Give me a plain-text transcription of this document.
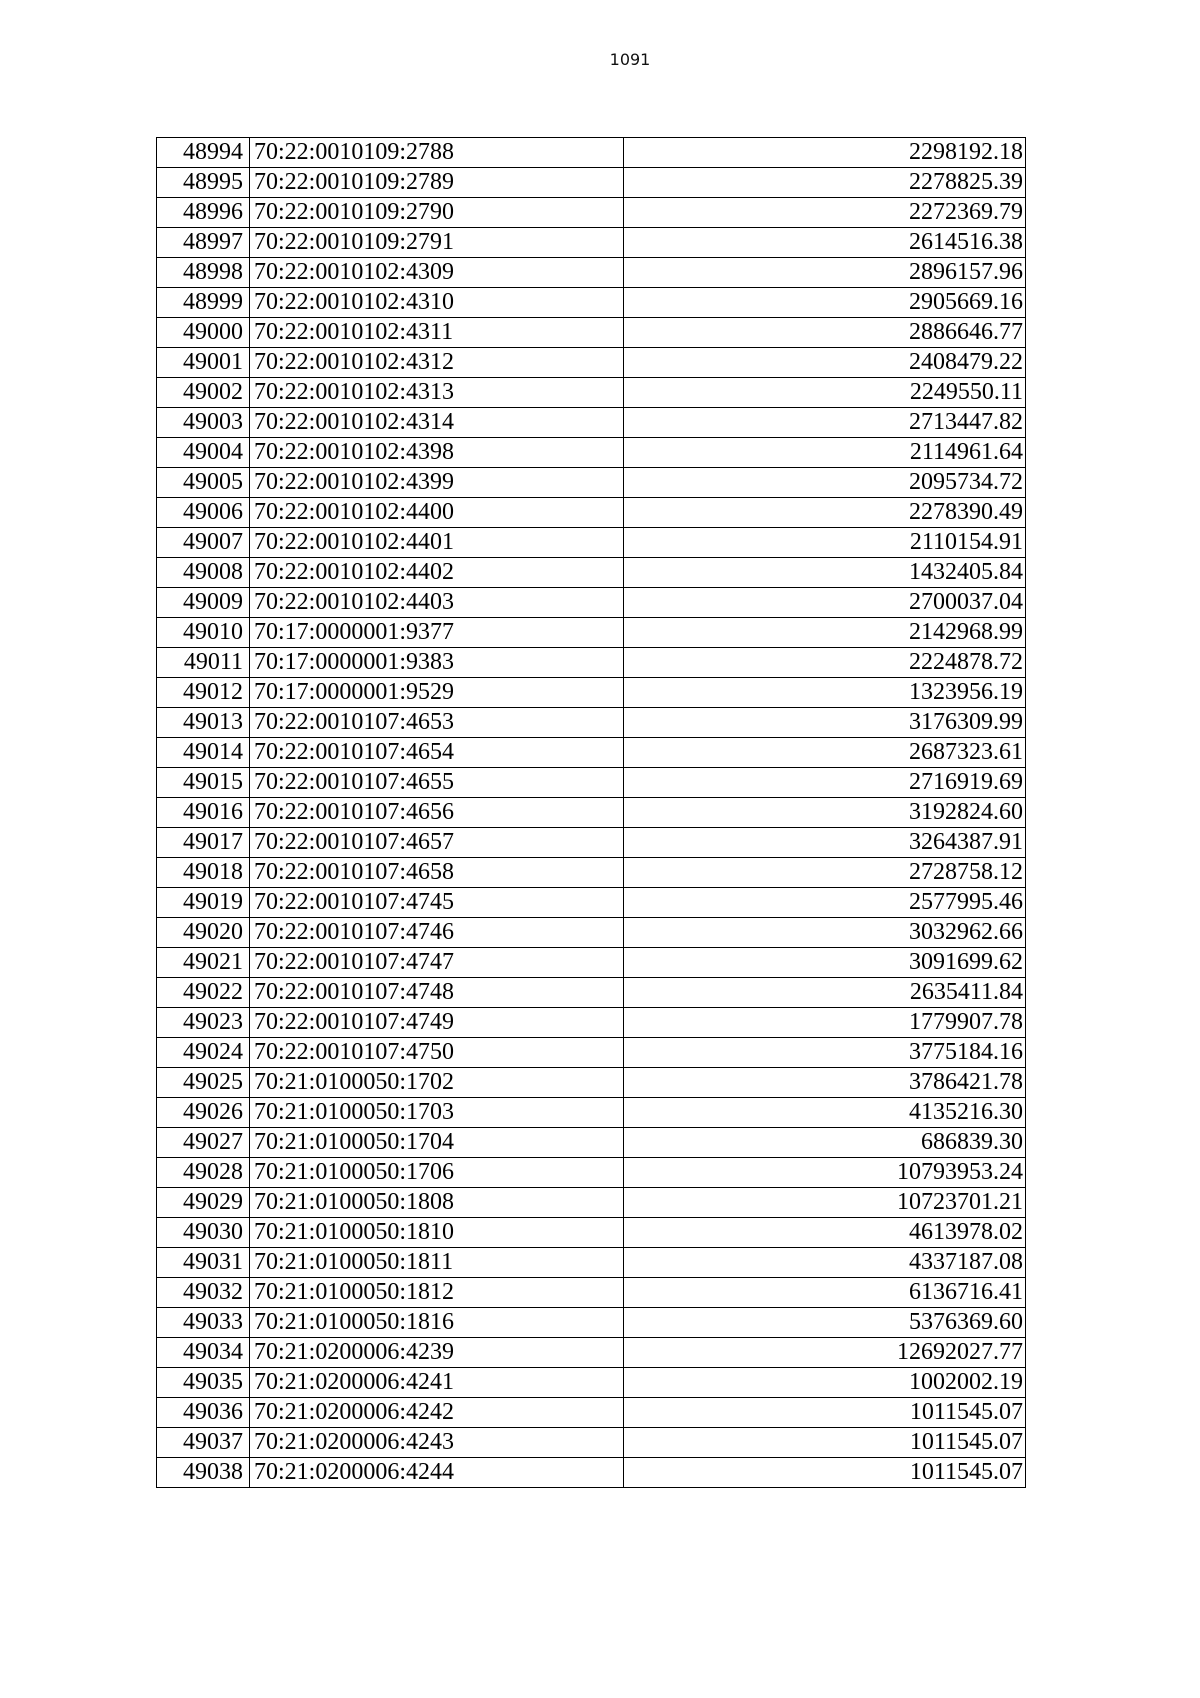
1091
48994	70:22:0010109:2788	2298192.18
48995	70:22:0010109:2789	2278825.39
48996	70:22:0010109:2790	2272369.79
48997	70:22:0010109:2791	2614516.38
48998	70:22:0010102:4309	2896157.96
48999	70:22:0010102:4310	2905669.16
49000	70:22:0010102:4311	2886646.77
49001	70:22:0010102:4312	2408479.22
49002	70:22:0010102:4313	2249550.11
49003	70:22:0010102:4314	2713447.82
49004	70:22:0010102:4398	2114961.64
49005	70:22:0010102:4399	2095734.72
49006	70:22:0010102:4400	2278390.49
49007	70:22:0010102:4401	2110154.91
49008	70:22:0010102:4402	1432405.84
49009	70:22:0010102:4403	2700037.04
49010	70:17:0000001:9377	2142968.99
49011	70:17:0000001:9383	2224878.72
49012	70:17:0000001:9529	1323956.19
49013	70:22:0010107:4653	3176309.99
49014	70:22:0010107:4654	2687323.61
49015	70:22:0010107:4655	2716919.69
49016	70:22:0010107:4656	3192824.60
49017	70:22:0010107:4657	3264387.91
49018	70:22:0010107:4658	2728758.12
49019	70:22:0010107:4745	2577995.46
49020	70:22:0010107:4746	3032962.66
49021	70:22:0010107:4747	3091699.62
49022	70:22:0010107:4748	2635411.84
49023	70:22:0010107:4749	1779907.78
49024	70:22:0010107:4750	3775184.16
49025	70:21:0100050:1702	3786421.78
49026	70:21:0100050:1703	4135216.30
49027	70:21:0100050:1704	686839.30
49028	70:21:0100050:1706	10793953.24
49029	70:21:0100050:1808	10723701.21
49030	70:21:0100050:1810	4613978.02
49031	70:21:0100050:1811	4337187.08
49032	70:21:0100050:1812	6136716.41
49033	70:21:0100050:1816	5376369.60
49034	70:21:0200006:4239	12692027.77
49035	70:21:0200006:4241	1002002.19
49036	70:21:0200006:4242	1011545.07
49037	70:21:0200006:4243	1011545.07
49038	70:21:0200006:4244	1011545.07
